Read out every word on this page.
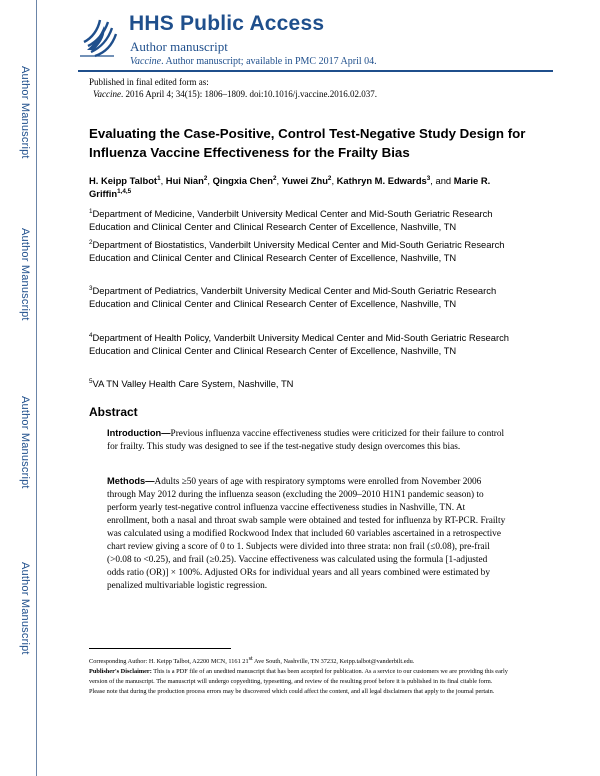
Author Manuscript
Author Manuscript
Author Manuscript
Author Manuscript
HHS Public Access
Author manuscript
Vaccine. Author manuscript; available in PMC 2017 April 04.
Published in final edited form as:
Vaccine. 2016 April 4; 34(15): 1806–1809. doi:10.1016/j.vaccine.2016.02.037.
Evaluating the Case-Positive, Control Test-Negative Study Design for Influenza Vaccine Effectiveness for the Frailty Bias
H. Keipp Talbot$^1$, Hui Nian$^2$, Qingxia Chen$^2$, Yuwei Zhu$^2$, Kathryn M. Edwards$^3$, and Marie R. Griffin$^{1,4,5}$
$^1$Department of Medicine, Vanderbilt University Medical Center and Mid-South Geriatric Research Education and Clinical Center and Clinical Research Center of Excellence, Nashville, TN
$^2$Department of Biostatistics, Vanderbilt University Medical Center and Mid-South Geriatric Research Education and Clinical Center and Clinical Research Center of Excellence, Nashville, TN
$^3$Department of Pediatrics, Vanderbilt University Medical Center and Mid-South Geriatric Research Education and Clinical Center and Clinical Research Center of Excellence, Nashville, TN
$^4$Department of Health Policy, Vanderbilt University Medical Center and Mid-South Geriatric Research Education and Clinical Center and Clinical Research Center of Excellence, Nashville, TN
$^5$VA TN Valley Health Care System, Nashville, TN
Abstract
Introduction—Previous influenza vaccine effectiveness studies were criticized for their failure to control for frailty. This study was designed to see if the test-negative study design overcomes this bias.
Methods—Adults ≥50 years of age with respiratory symptoms were enrolled from November 2006 through May 2012 during the influenza season (excluding the 2009–2010 H1N1 pandemic season) to perform yearly test-negative control influenza vaccine effectiveness studies in Nashville, TN. At enrollment, both a nasal and throat swab sample were obtained and tested for influenza by RT-PCR. Frailty was calculated using a modified Rockwood Index that included 60 variables ascertained in a retrospective chart review giving a score of 0 to 1. Subjects were divided into three strata: non frail (≤0.08), pre-frail (>0.08 to <0.25), and frail (≥0.25). Vaccine effectiveness was calculated using the formula [1-adjusted odds ratio (OR)] × 100%. Adjusted ORs for individual years and all years combined were estimated by penalized multivariable logistic regression.
Corresponding Author: H. Keipp Talbot, A2200 MCN, 1161 21st Ave South, Nashville, TN 37232, Keipp.talbot@vanderbilt.edu.
Publisher's Disclaimer: This is a PDF file of an unedited manuscript that has been accepted for publication. As a service to our customers we are providing this early version of the manuscript. The manuscript will undergo copyediting, typesetting, and review of the resulting proof before it is published in its final citable form. Please note that during the production process errors may be discovered which could affect the content, and all legal disclaimers that apply to the journal pertain.
